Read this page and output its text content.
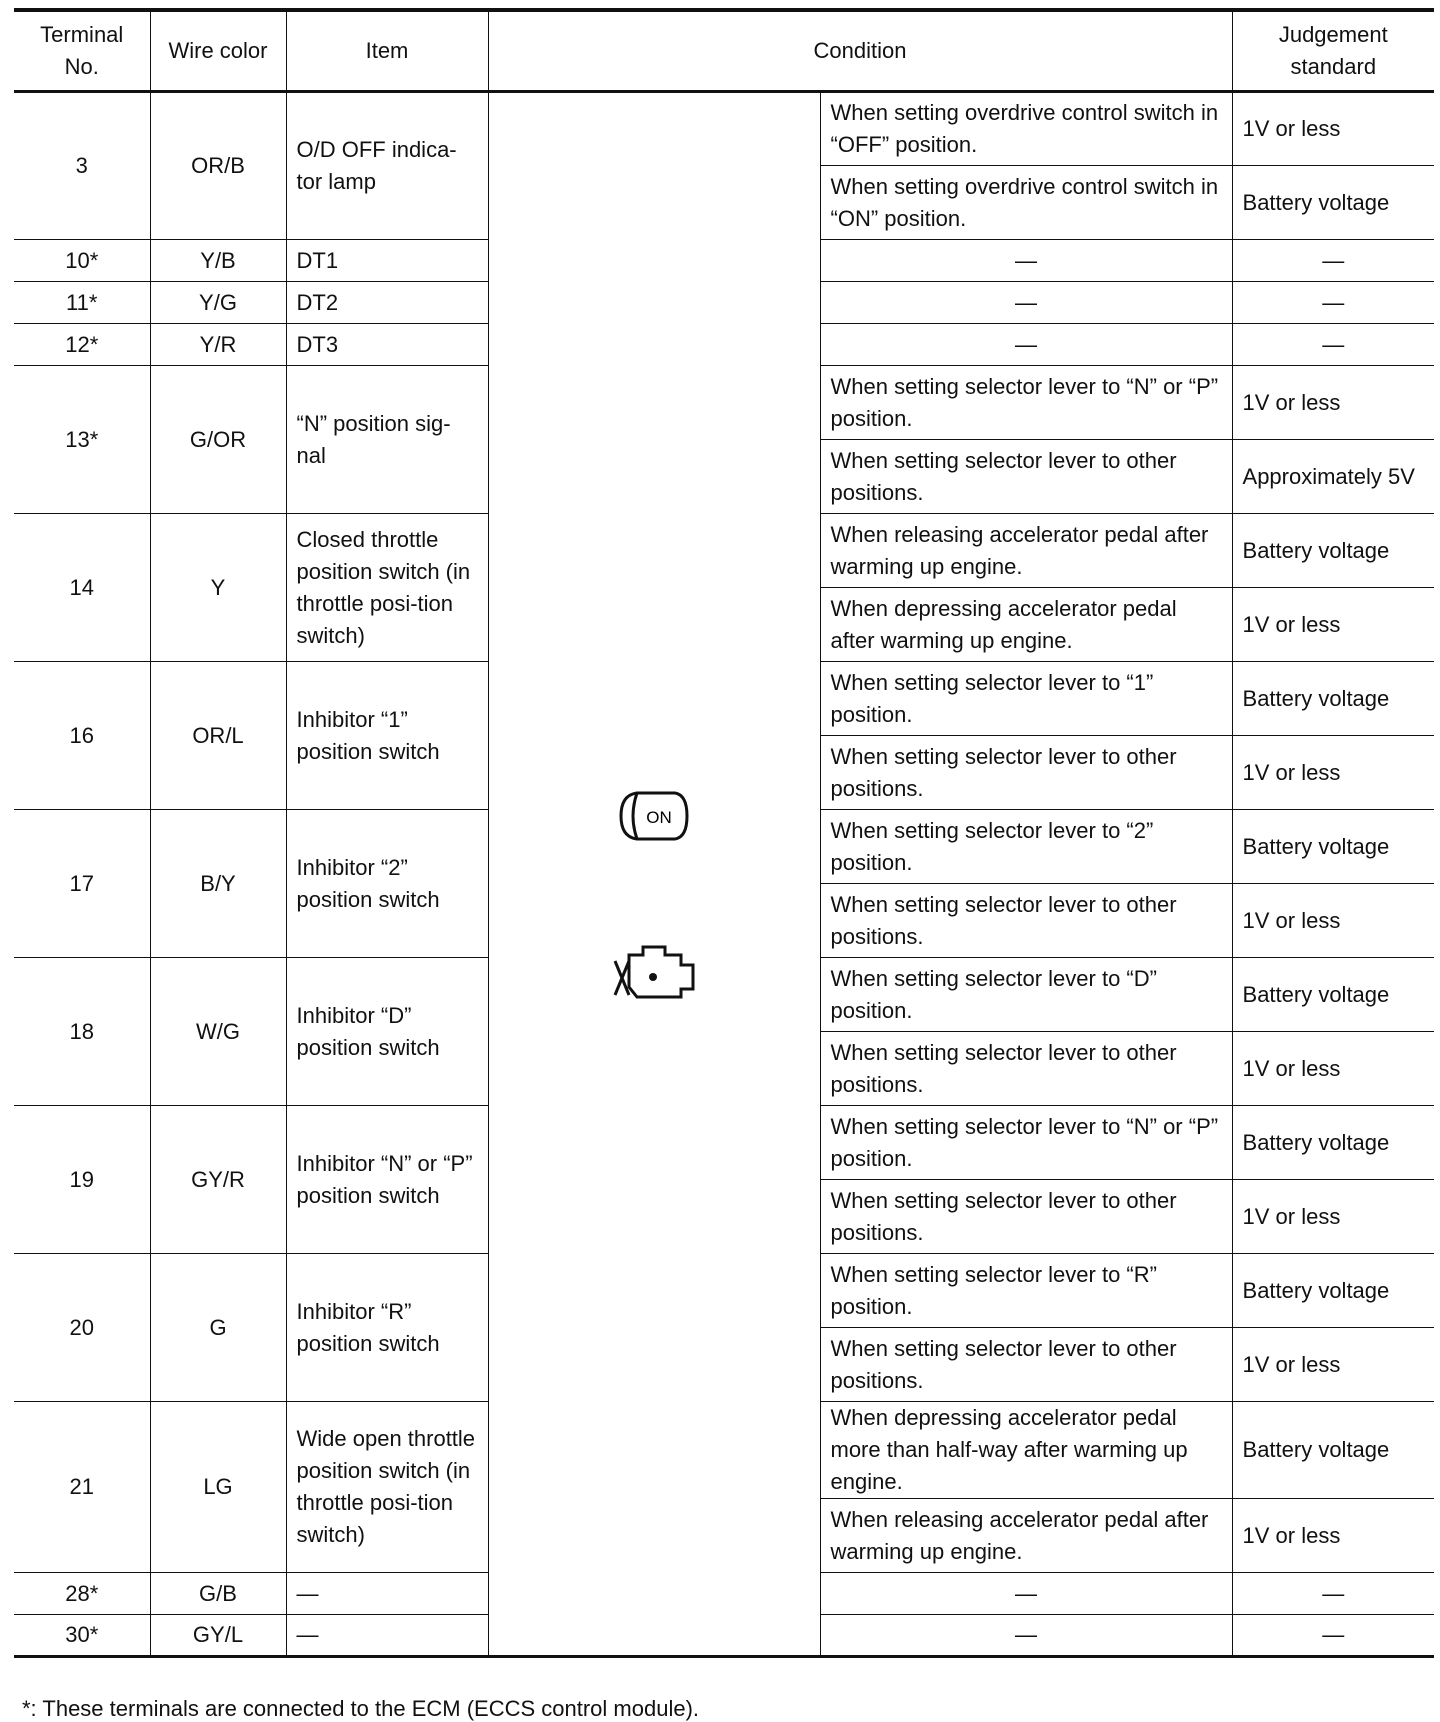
Terminal No.	Wire color	Item	Condition		Judgement standard
3	OR/B	O/D OFF indica-tor lamp	ON	When setting overdrive control switch in “OFF” position.	1V or less
				When setting overdrive control switch in “ON” position.	Battery voltage
10*	Y/B	DT1		—	—
11*	Y/G	DT2		—	—
12*	Y/R	DT3		—	—
13*	G/OR	“N” position sig-nal		When setting selector lever to “N” or “P” position.	1V or less
				When setting selector lever to other positions.	Approximately 5V
14	Y	Closed throttle position switch (in throttle posi-tion switch)		When releasing accelerator pedal after warming up engine.	Battery voltage
				When depressing accelerator pedal after warming up engine.	1V or less
16	OR/L	Inhibitor “1” position switch		When setting selector lever to “1” position.	Battery voltage
				When setting selector lever to other positions.	1V or less
17	B/Y	Inhibitor “2” position switch		When setting selector lever to “2” position.	Battery voltage
				When setting selector lever to other positions.	1V or less
18	W/G	Inhibitor “D” position switch		When setting selector lever to “D” position.	Battery voltage
				When setting selector lever to other positions.	1V or less
19	GY/R	Inhibitor “N” or “P” position switch		When setting selector lever to “N” or “P” position.	Battery voltage
				When setting selector lever to other positions.	1V or less
20	G	Inhibitor “R” position switch		When setting selector lever to “R” position.	Battery voltage
				When setting selector lever to other positions.	1V or less
21	LG	Wide open throttle position switch (in throttle posi-tion switch)		When depressing accelerator pedal more than half-way after warming up engine.	Battery voltage
				When releasing accelerator pedal after warming up engine.	1V or less
28*	G/B	—		—	—
30*	GY/L	—		—	—
*: These terminals are connected to the ECM (ECCS control module).
